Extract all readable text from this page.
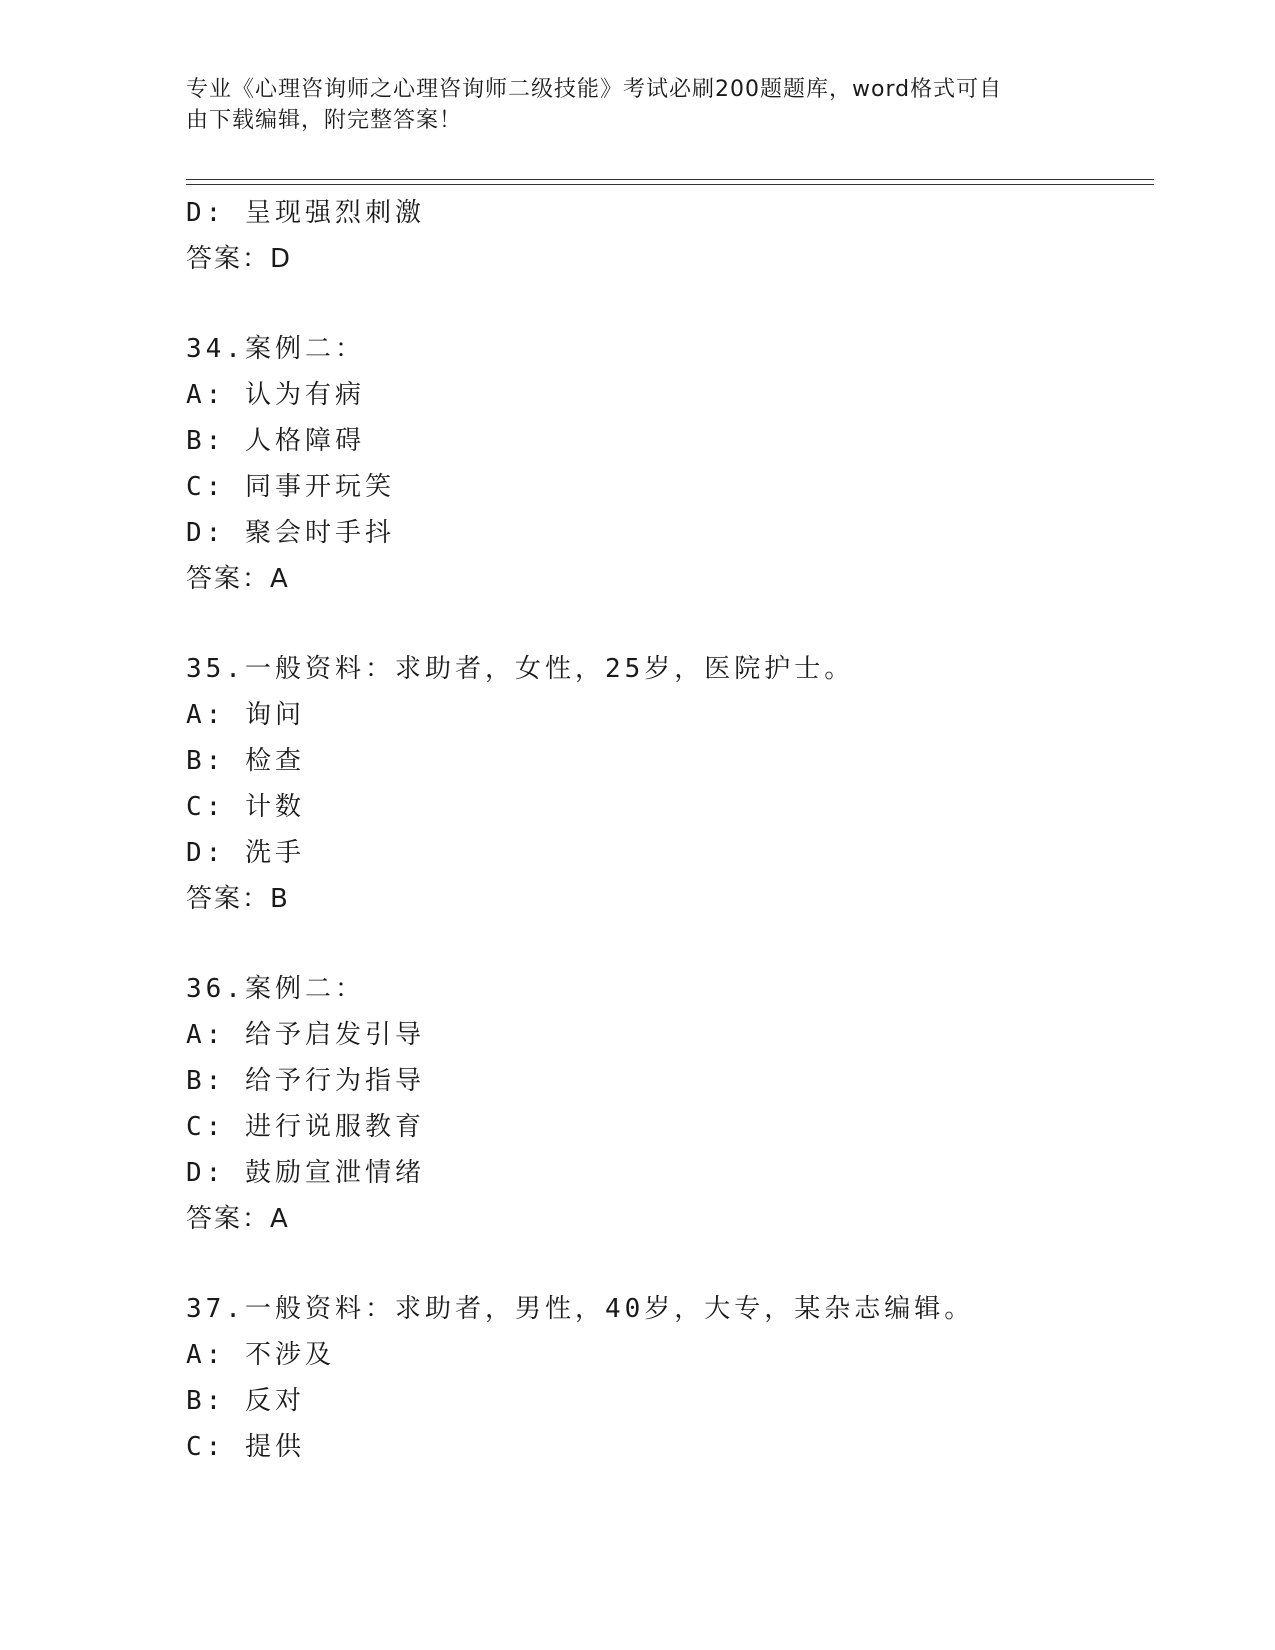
专业《心理咨询师之心理咨询师二级技能》考试必刷200题题库，word格式可自
由下载编辑，附完整答案！
D: 呈现强烈刺激
答案：D
34.案例二：
A: 认为有病
B: 人格障碍
C: 同事开玩笑
D: 聚会时手抖
答案：A
35.一般资料：求助者，女性，25岁，医院护士。
A: 询问
B: 检查
C: 计数
D: 洗手
答案：B
36.案例二：
A: 给予启发引导
B: 给予行为指导
C: 进行说服教育
D: 鼓励宣泄情绪
答案：A
37.一般资料：求助者，男性，40岁，大专，某杂志编辑。
A: 不涉及
B: 反对
C: 提供
